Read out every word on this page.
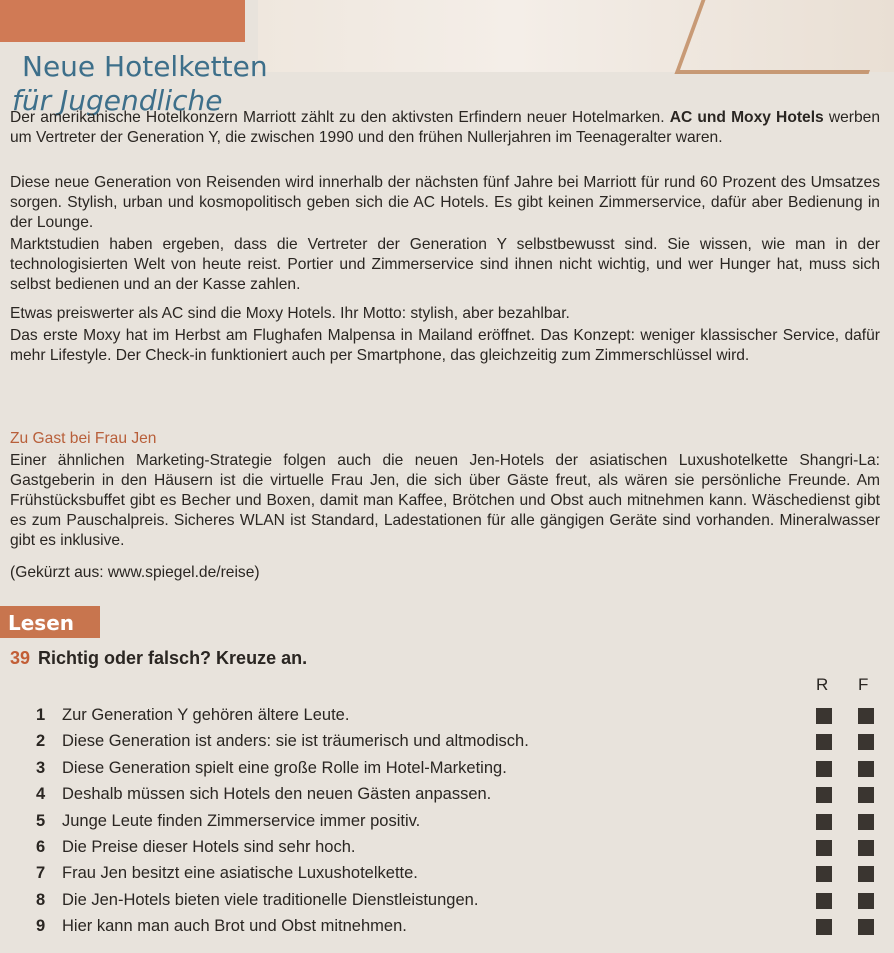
Neue Hotelketten
für Jugendliche
Der amerikanische Hotelkonzern Marriott zählt zu den aktivsten Erfindern neuer Hotelmarken. AC und Moxy Hotels werben um Vertreter der Generation Y, die zwischen 1990 und den frühen Nullerjahren im Teenageralter waren.
Diese neue Generation von Reisenden wird innerhalb der nächsten fünf Jahre bei Marriott für rund 60 Prozent des Umsatzes sorgen. Stylish, urban und kosmopolitisch geben sich die AC Hotels. Es gibt keinen Zimmerservice, dafür aber Bedienung in der Lounge.
Marktstudien haben ergeben, dass die Vertreter der Generation Y selbstbewusst sind. Sie wissen, wie man in der technologisierten Welt von heute reist. Portier und Zimmerservice sind ihnen nicht wichtig, und wer Hunger hat, muss sich selbst bedienen und an der Kasse zahlen.
Etwas preiswerter als AC sind die Moxy Hotels. Ihr Motto: stylish, aber bezahlbar.
Das erste Moxy hat im Herbst am Flughafen Malpensa in Mailand eröffnet. Das Konzept: weniger klassischer Service, dafür mehr Lifestyle. Der Check-in funktioniert auch per Smartphone, das gleichzeitig zum Zimmerschlüssel wird.
Zu Gast bei Frau Jen
Einer ähnlichen Marketing-Strategie folgen auch die neuen Jen-Hotels der asiatischen Luxushotelkette Shangri-La: Gastgeberin in den Häusern ist die virtuelle Frau Jen, die sich über Gäste freut, als wären sie persönliche Freunde. Am Frühstücksbuffet gibt es Becher und Boxen, damit man Kaffee, Brötchen und Obst auch mitnehmen kann. Wäschedienst gibt es zum Pauschalpreis. Sicheres WLAN ist Standard, Ladestationen für alle gängigen Geräte sind vorhanden. Mineralwasser gibt es inklusive.
(Gekürzt aus: www.spiegel.de/reise)
Lesen
39 Richtig oder falsch? Kreuze an.
R F
1 Zur Generation Y gehören ältere Leute.
2 Diese Generation ist anders: sie ist träumerisch und altmodisch.
3 Diese Generation spielt eine große Rolle im Hotel-Marketing.
4 Deshalb müssen sich Hotels den neuen Gästen anpassen.
5 Junge Leute finden Zimmerservice immer positiv.
6 Die Preise dieser Hotels sind sehr hoch.
7 Frau Jen besitzt eine asiatische Luxushotelkette.
8 Die Jen-Hotels bieten viele traditionelle Dienstleistungen.
9 Hier kann man auch Brot und Obst mitnehmen.
